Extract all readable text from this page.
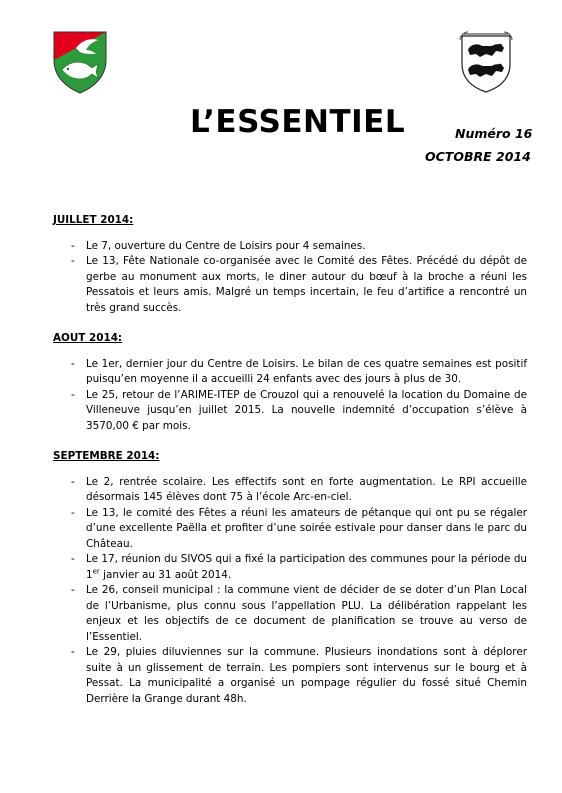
L’ESSENTIEL	Numéro 16
OCTOBRE 2014
JUILLET 2014:
- Le 7, ouverture du Centre de Loisirs pour 4 semaines.
- Le 13, Fête Nationale co-organisée avec le Comité des Fêtes. Précédé du dépôt de gerbe au monument aux morts, le diner autour du bœuf à la broche a réuni les Pessatois et leurs amis. Malgré un temps incertain, le feu d’artifice a rencontré un très grand succès.
AOUT 2014:
- Le 1er, dernier jour du Centre de Loisirs. Le bilan de ces quatre semaines est positif puisqu’en moyenne il a accueilli 24 enfants avec des jours à plus de 30.
- Le 25, retour de l’ARIME-ITEP de Crouzol qui a renouvelé la location du Domaine de Villeneuve jusqu’en juillet 2015. La nouvelle indemnité d’occupation s’élève à 3570,00 € par mois.
SEPTEMBRE 2014:
- Le 2, rentrée scolaire. Les effectifs sont en forte augmentation. Le RPI accueille désormais 145 élèves dont 75 à l’école Arc-en-ciel.
- Le 13, le comité des Fêtes a réuni les amateurs de pétanque qui ont pu se régaler d’une excellente Paëlla et profiter d’une soirée estivale pour danser dans le parc du Château.
- Le 17, réunion du SIVOS qui a fixé la participation des communes pour la période du 1er janvier au 31 août 2014.
- Le 26, conseil municipal : la commune vient de décider de se doter d’un Plan Local de l’Urbanisme, plus connu sous l’appellation PLU. La délibération rappelant les enjeux et les objectifs de ce document de planification se trouve au verso de l’Essentiel.
- Le 29, pluies diluviennes sur la commune. Plusieurs inondations sont à déplorer suite à un glissement de terrain. Les pompiers sont intervenus sur le bourg et à Pessat. La municipalité a organisé un pompage régulier du fossé situé Chemin Derrière la Grange durant 48h.
